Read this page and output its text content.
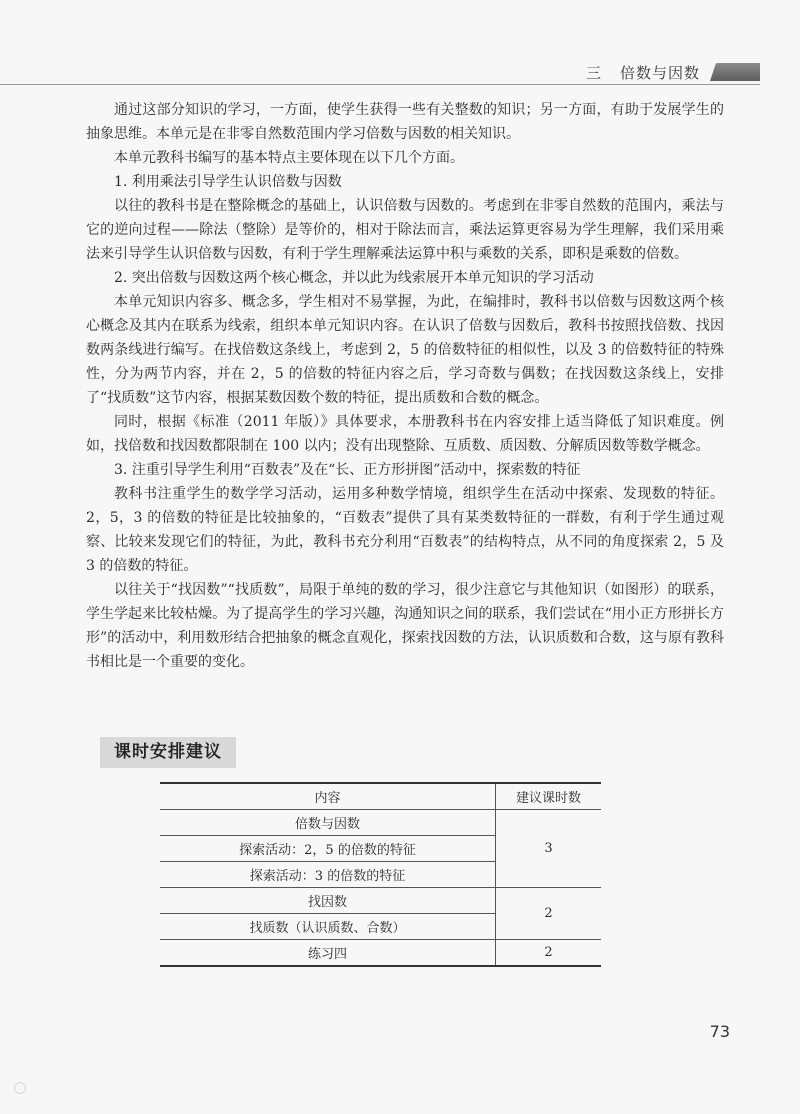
三 倍数与因数

通过这部分知识的学习，一方面，使学生获得一些有关整数的知识；另一方面，有助于发展学生的抽象思维。本单元是在非零自然数范围内学习倍数与因数的相关知识。

本单元教科书编写的基本特点主要体现在以下几个方面。

1. 利用乘法引导学生认识倍数与因数

以往的教科书是在整除概念的基础上，认识倍数与因数的。考虑到在非零自然数的范围内，乘法与它的逆向过程——除法（整除）是等价的，相对于除法而言，乘法运算更容易为学生理解，我们采用乘法来引导学生认识倍数与因数，有利于学生理解乘法运算中积与乘数的关系，即积是乘数的倍数。

2. 突出倍数与因数这两个核心概念，并以此为线索展开本单元知识的学习活动

本单元知识内容多、概念多，学生相对不易掌握，为此，在编排时，教科书以倍数与因数这两个核心概念及其内在联系为线索，组织本单元知识内容。在认识了倍数与因数后，教科书按照找倍数、找因数两条线进行编写。在找倍数这条线上，考虑到 2，5 的倍数特征的相似性，以及 3 的倍数特征的特殊性，分为两节内容，并在 2，5 的倍数的特征内容之后，学习奇数与偶数；在找因数这条线上，安排了“找质数”这节内容，根据某数因数个数的特征，提出质数和合数的概念。

同时，根据《标准（2011 年版）》具体要求，本册教科书在内容安排上适当降低了知识难度。例如，找倍数和找因数都限制在 100 以内；没有出现整除、互质数、质因数、分解质因数等数学概念。

3. 注重引导学生利用“百数表”及在“长、正方形拼图”活动中，探索数的特征

教科书注重学生的数学学习活动，运用多种数学情境，组织学生在活动中探索、发现数的特征。2，5，3 的倍数的特征是比较抽象的，“百数表”提供了具有某类数特征的一群数，有利于学生通过观察、比较来发现它们的特征，为此，教科书充分利用“百数表”的结构特点，从不同的角度探索 2，5 及 3 的倍数的特征。

以往关于“找因数”“找质数”，局限于单纯的数的学习，很少注意它与其他知识（如图形）的联系，学生学起来比较枯燥。为了提高学生的学习兴趣，沟通知识之间的联系，我们尝试在“用小正方形拼长方形”的活动中，利用数形结合把抽象的概念直观化，探索找因数的方法，认识质数和合数，这与原有教科书相比是一个重要的变化。

课时安排建议
内容	建议课时数
倍数与因数	3
探索活动：2，5 的倍数的特征	
探索活动：3 的倍数的特征	
找因数	2
找质数（认识质数、合数）	
练习四	2
73
